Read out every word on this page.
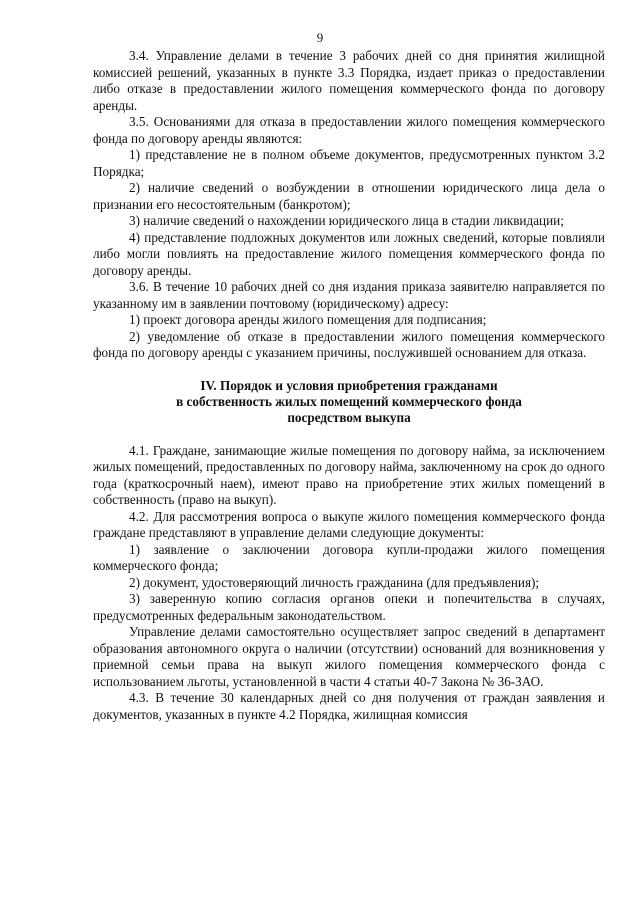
9

3.4. Управление делами в течение 3 рабочих дней со дня принятия жилищной комиссией решений, указанных в пункте 3.3 Порядка, издает приказ о предоставлении либо отказе в предоставлении жилого помещения коммерческого фонда по договору аренды.

3.5. Основаниями для отказа в предоставлении жилого помещения коммерческого фонда по договору аренды являются:

1) представление не в полном объеме документов, предусмотренных пунктом 3.2 Порядка;

2) наличие сведений о возбуждении в отношении юридического лица дела о признании его несостоятельным (банкротом);

3) наличие сведений о нахождении юридического лица в стадии ликвидации;

4) представление подложных документов или ложных сведений, которые повлияли либо могли повлиять на предоставление жилого помещения коммерческого фонда по договору аренды.

3.6. В течение 10 рабочих дней со дня издания приказа заявителю направляется по указанному им в заявлении почтовому (юридическому) адресу:

1) проект договора аренды жилого помещения для подписания;

2) уведомление об отказе в предоставлении жилого помещения коммерческого фонда по договору аренды с указанием причины, послужившей основанием для отказа.

IV. Порядок и условия приобретения гражданами
в собственность жилых помещений коммерческого фонда
посредством выкупа

4.1. Граждане, занимающие жилые помещения по договору найма, за исключением жилых помещений, предоставленных по договору найма, заключенному на срок до одного года (краткосрочный наем), имеют право на приобретение этих жилых помещений в собственность (право на выкуп).

4.2. Для рассмотрения вопроса о выкупе жилого помещения коммерческого фонда граждане представляют в управление делами следующие документы:

1) заявление о заключении договора купли-продажи жилого помещения коммерческого фонда;

2) документ, удостоверяющий личность гражданина (для предъявления);

3) заверенную копию согласия органов опеки и попечительства в случаях, предусмотренных федеральным законодательством.

Управление делами самостоятельно осуществляет запрос сведений в департамент образования автономного округа о наличии (отсутствии) оснований для возникновения у приемной семьи права на выкуп жилого помещения коммерческого фонда с использованием льготы, установленной в части 4 статьи 40-7 Закона № 36-ЗАО.

4.3. В течение 30 календарных дней со дня получения от граждан заявления и документов, указанных в пункте 4.2 Порядка, жилищная комиссия
